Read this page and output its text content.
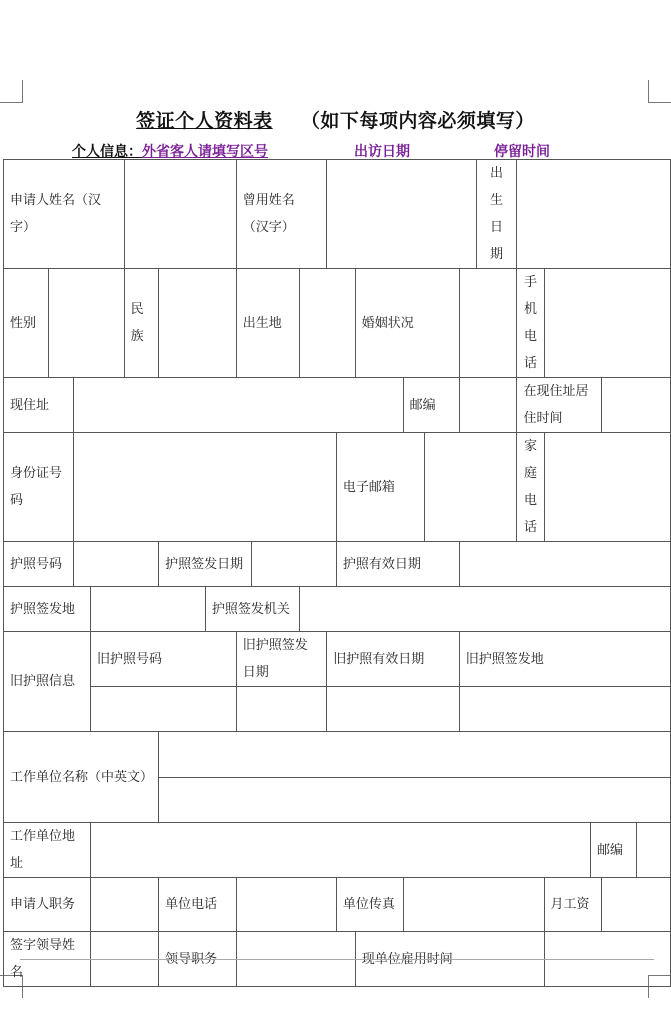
签证个人资料表 （如下每项内容必须填写）
个人信息：外省客人请填写区号	出访日期	停留时间
申请人姓名（汉字）							曾用姓名（汉字）									出生日期					

性别				民族			出生地					婚姻状况					手机电话				

现住址													邮编				在现住址居住时间				
身份证号码											电子邮箱						家庭电话				

护照号码					护照签发日期						护照有效日期										
护照签发地						护照签发机关															
旧护照信息			旧护照号码				旧护照签发日期			旧护照有效日期					旧护照签发地						

工作单位名称（中英文）																					

工作单位地址																			邮编		
申请人职务					单位电话						单位传真							月工资			
签字领导姓名					领导职务							现单位雇用时间									
